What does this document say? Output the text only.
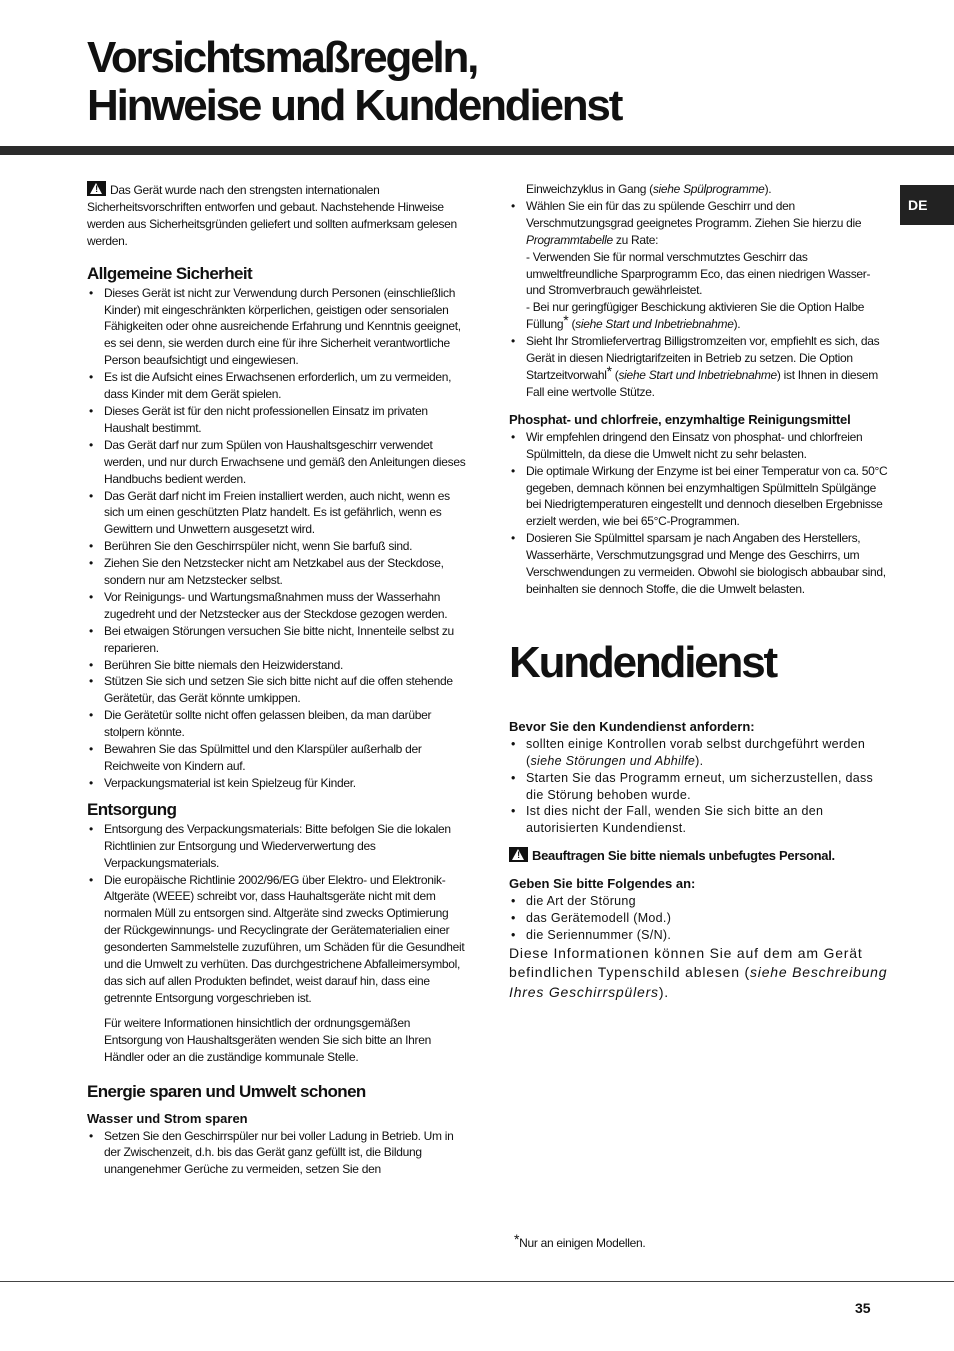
Vorsichtsmaßregeln,
Hinweise und Kundendienst
DE

!Das Gerät wurde nach den strengsten internationalen Sicherheitsvorschriften entworfen und gebaut. Nachstehende Hinweise werden aus Sicherheitsgründen geliefert und sollten aufmerksam gelesen werden.

Allgemeine Sicherheit
• Dieses Gerät ist nicht zur Verwendung durch Personen (einschließlich Kinder) mit eingeschränkten körperlichen, geistigen oder sensorialen Fähigkeiten oder ohne ausreichende Erfahrung und Kenntnis geeignet, es sei denn, sie werden durch eine für ihre Sicherheit verantwortliche Person beaufsichtigt und eingewiesen.
• Es ist die Aufsicht eines Erwachsenen erforderlich, um zu vermeiden, dass Kinder mit dem Gerät spielen.
• Dieses Gerät ist für den nicht professionellen Einsatz im privaten Haushalt bestimmt.
• Das Gerät darf nur zum Spülen von Haushaltsgeschirr verwendet werden, und nur durch Erwachsene und gemäß den Anleitungen dieses Handbuchs bedient werden.
• Das Gerät darf nicht im Freien installiert werden, auch nicht, wenn es sich um einen geschützten Platz handelt. Es ist gefährlich, wenn es Gewittern und Unwettern ausgesetzt wird.
• Berühren Sie den Geschirrspüler nicht, wenn Sie barfuß sind.
• Ziehen Sie den Netzstecker nicht am Netzkabel aus der Steckdose, sondern nur am Netzstecker selbst.
• Vor Reinigungs- und Wartungsmaßnahmen muss der Wasserhahn zugedreht und der Netzstecker aus der Steckdose gezogen werden.
• Bei etwaigen Störungen versuchen Sie bitte nicht, Innenteile selbst zu reparieren.
• Berühren Sie bitte niemals den Heizwiderstand.
• Stützen Sie sich und setzen Sie sich bitte nicht auf die offen stehende Gerätetür, das Gerät könnte umkippen.
• Die Gerätetür sollte nicht offen gelassen bleiben, da man darüber stolpern könnte.
• Bewahren Sie das Spülmittel und den Klarspüler außerhalb der Reichweite von Kindern auf.
• Verpackungsmaterial ist kein Spielzeug für Kinder.
Entsorgung
• Entsorgung des Verpackungsmaterials: Bitte befolgen Sie die lokalen Richtlinien zur Entsorgung und Wiederverwertung des Verpackungsmaterials.
• Die europäische Richtlinie 2002/96/EG über Elektro- und Elektronik-Altgeräte (WEEE) schreibt vor, dass Hauhaltsgeräte nicht mit dem normalen Müll zu entsorgen sind. Altgeräte sind zwecks Optimierung der Rückgewinnungs- und Recyclingrate der Gerätematerialien einer gesonderten Sammelstelle zuzuführen, um Schäden für die Gesundheit und die Umwelt zu verhüten. Das durchgestrichene Abfalleimersymbol, das sich auf allen Produkten befindet, weist darauf hin, dass eine getrennte Entsorgung vorgeschrieben ist.

Für weitere Informationen hinsichtlich der ordnungsgemäßen Entsorgung von Haushaltsgeräten wenden Sie sich bitte an Ihren Händler oder an die zuständige kommunale Stelle.

Energie sparen und Umwelt schonen
Wasser und Strom sparen
• Setzen Sie den Geschirrspüler nur bei voller Ladung in Betrieb. Um in der Zwischenzeit, d.h. bis das Gerät ganz gefüllt ist, die Bildung unangenehmer Gerüche zu vermeiden, setzen Sie den

Einweichzyklus in Gang (siehe Spülprogramme).

• Wählen Sie ein für das zu spülende Geschirr und den Verschmutzungsgrad geeignetes Programm. Ziehen Sie hierzu die Programmtabelle zu Rate:
- Verwenden Sie für normal verschmutztes Geschirr das umweltfreundliche Sparprogramm Eco, das einen niedrigen Wasser- und Stromverbrauch gewährleistet.
- Bei nur geringfügiger Beschickung aktivieren Sie die Option Halbe Füllung* (siehe Start und Inbetriebnahme).
• Sieht Ihr Stromliefervertrag Billigstromzeiten vor, empfiehlt es sich, das Gerät in diesen Niedrigtarifzeiten in Betrieb zu setzen. Die Option Startzeitvorwahl* (siehe Start und Inbetriebnahme) ist Ihnen in diesem Fall eine wertvolle Stütze.
Phosphat- und chlorfreie, enzymhaltige Reinigungsmittel
• Wir empfehlen dringend den Einsatz von phosphat- und chlorfreien Spülmitteln, da diese die Umwelt nicht zu sehr belasten.
• Die optimale Wirkung der Enzyme ist bei einer Temperatur von ca. 50°C gegeben, demnach können bei enzymhaltigen Spülmitteln Spülgänge bei Niedrigtemperaturen eingestellt und dennoch dieselben Ergebnisse erzielt werden, wie bei 65°C-Programmen.
• Dosieren Sie Spülmittel sparsam je nach Angaben des Herstellers, Wasserhärte, Verschmutzungsgrad und Menge des Geschirrs, um Verschwendungen zu vermeiden. Obwohl sie biologisch abbaubar sind, beinhalten sie dennoch Stoffe, die die Umwelt belasten.
Kundendienst
Bevor Sie den Kundendienst anfordern:
• sollten einige Kontrollen vorab selbst durchgeführt werden (siehe Störungen und Abhilfe).
• Starten Sie das Programm erneut, um sicherzustellen, dass die Störung behoben wurde.
• Ist dies nicht der Fall, wenden Sie sich bitte an den autorisierten Kundendienst.

!Beauftragen Sie bitte niemals unbefugtes Personal.

Geben Sie bitte Folgendes an:
• die Art der Störung
• das Gerätemodell (Mod.)
• die Seriennummer (S/N).

Diese Informationen können Sie auf dem am Gerät befindlichen Typenschild ablesen (siehe Beschreibung Ihres Geschirrspülers).

*Nur an einigen Modellen.
35
